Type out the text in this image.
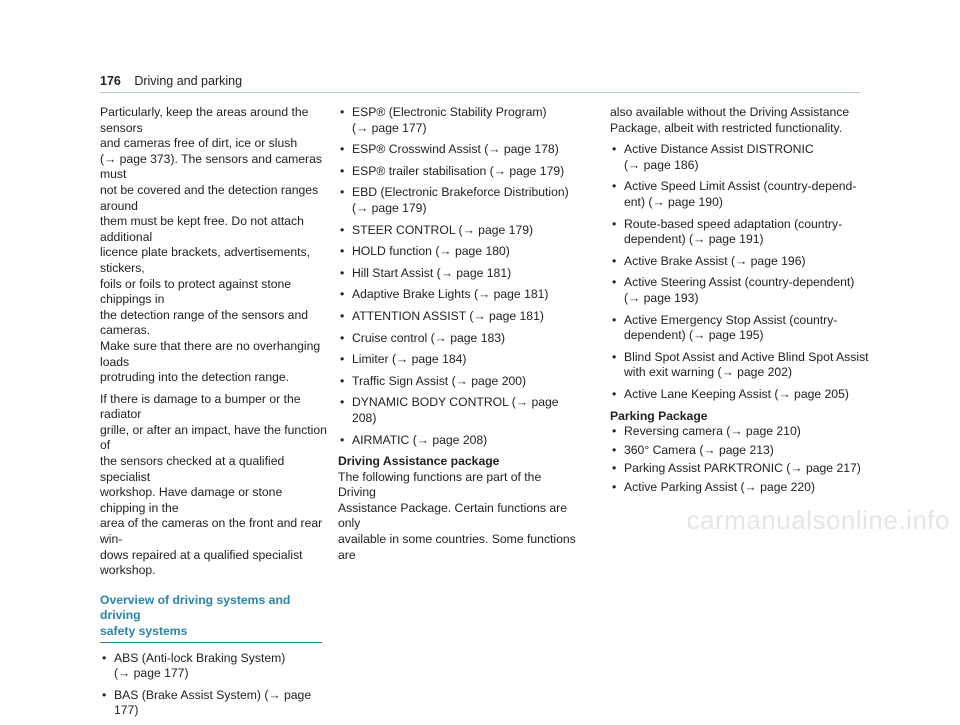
176 Driving and parking

Particularly, keep the areas around the sensors
and cameras free of dirt, ice or slush
(→ page 373). The sensors and cameras must
not be covered and the detection ranges around
them must be kept free. Do not attach additional
licence plate brackets, advertisements, stickers,
foils or foils to protect against stone chippings in
the detection range of the sensors and cameras.
Make sure that there are no overhanging loads
protruding into the detection range.

If there is damage to a bumper or the radiator
grille, or after an impact, have the function of
the sensors checked at a qualified specialist
workshop. Have damage or stone chipping in the
area of the cameras on the front and rear win-
dows repaired at a qualified specialist workshop.

Overview of driving systems and driving
safety systems
• ABS (Anti-lock Braking System)
(→ page 177)
• BAS (Brake Assist System) (→ page 177)
• ESP® (Electronic Stability Program)
(→ page 177)
• ESP® Crosswind Assist (→ page 178)
• ESP® trailer stabilisation (→ page 179)
• EBD (Electronic Brakeforce Distribution)
(→ page 179)
• STEER CONTROL (→ page 179)
• HOLD function (→ page 180)
• Hill Start Assist (→ page 181)
• Adaptive Brake Lights (→ page 181)
• ATTENTION ASSIST (→ page 181)
• Cruise control (→ page 183)
• Limiter (→ page 184)
• Traffic Sign Assist (→ page 200)
• DYNAMIC BODY CONTROL (→ page 208)
• AIRMATIC (→ page 208)
Driving Assistance package

The following functions are part of the Driving
Assistance Package. Certain functions are only
available in some countries. Some functions are

also available without the Driving Assistance
Package, albeit with restricted functionality.

• Active Distance Assist DISTRONIC
(→ page 186)
• Active Speed Limit Assist (country-depend-
ent) (→ page 190)
• Route-based speed adaptation (country-
dependent) (→ page 191)
• Active Brake Assist (→ page 196)
• Active Steering Assist (country-dependent)
(→ page 193)
• Active Emergency Stop Assist (country-
dependent) (→ page 195)
• Blind Spot Assist and Active Blind Spot Assist
with exit warning (→ page 202)
• Active Lane Keeping Assist (→ page 205)
Parking Package
• Reversing camera (→ page 210)
• 360° Camera (→ page 213)
• Parking Assist PARKTRONIC (→ page 217)
• Active Parking Assist (→ page 220)
carmanualsonline.info
